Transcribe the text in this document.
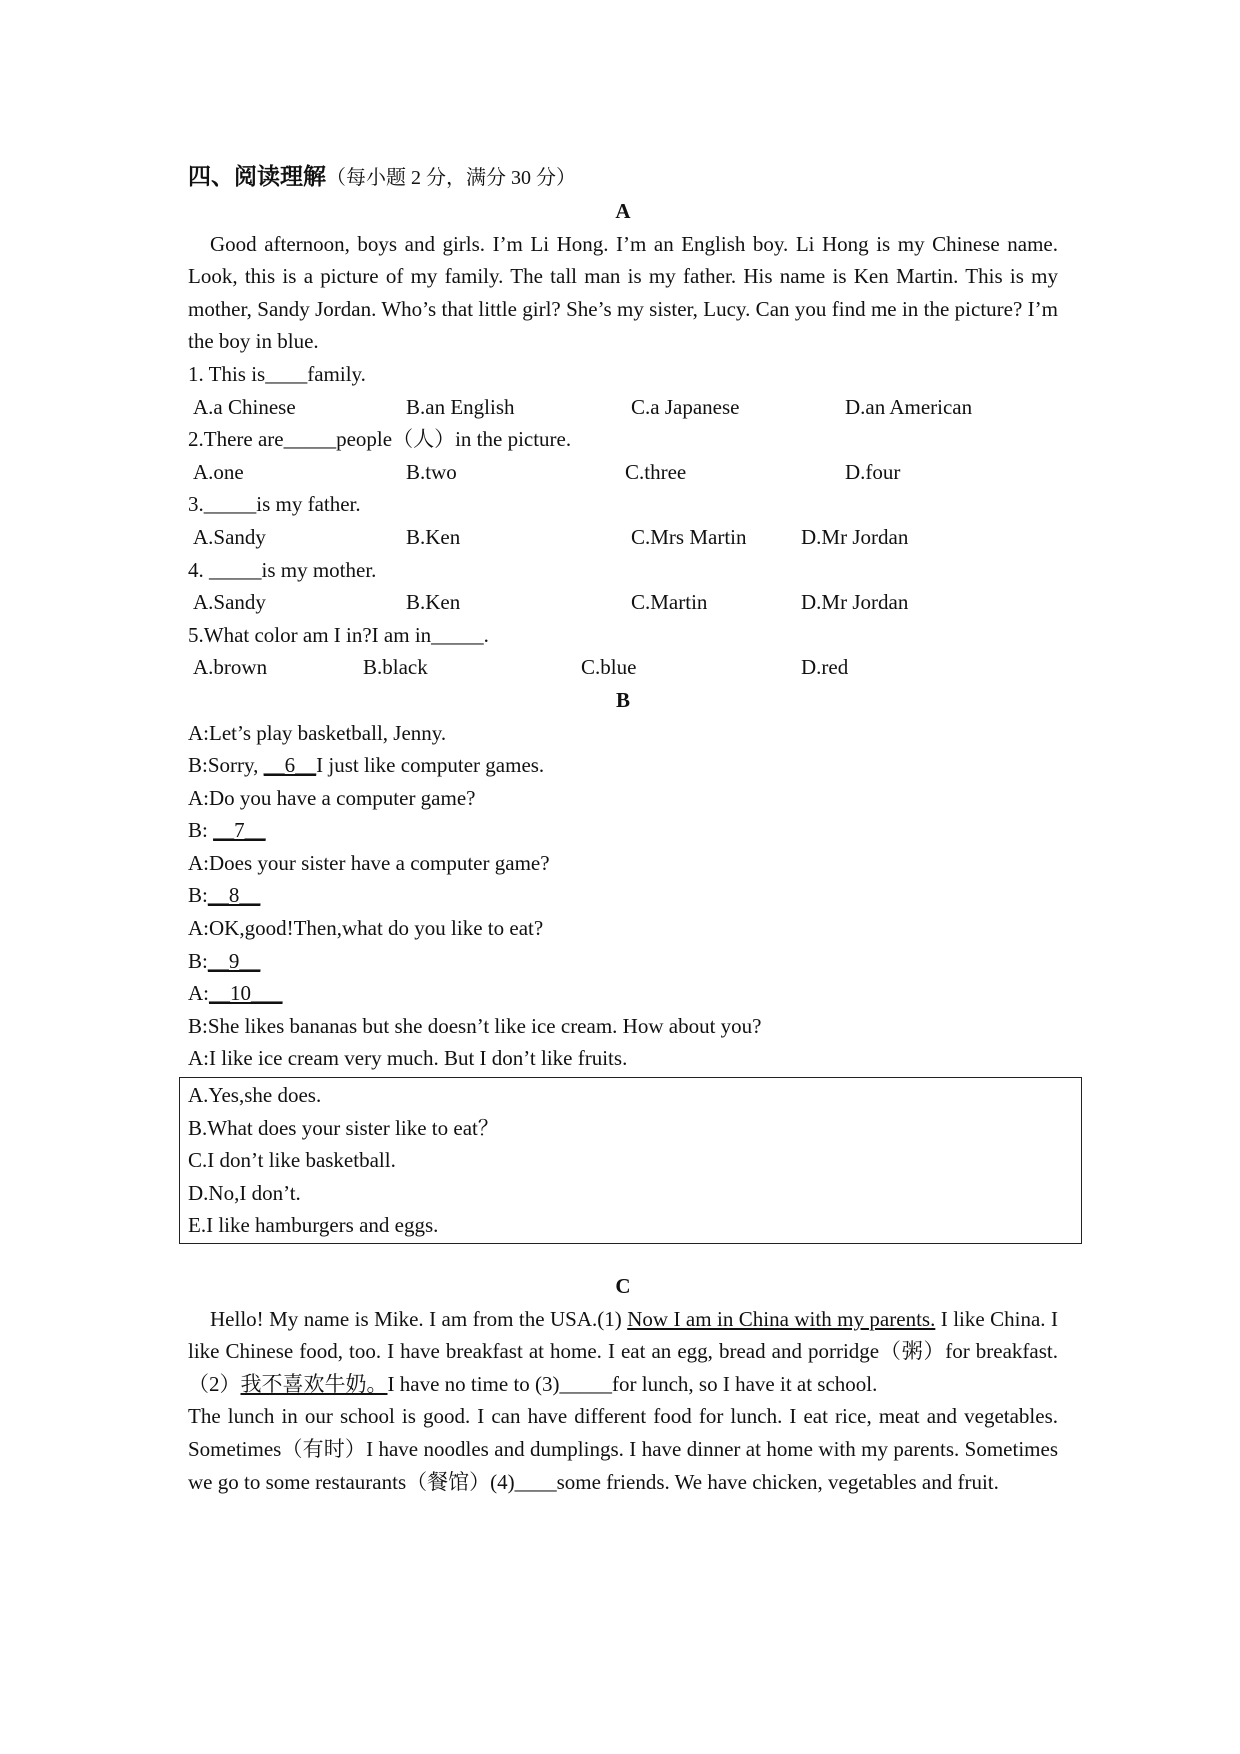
四、阅读理解（每小题 2 分，满分 30 分）
A
Good afternoon, boys and girls. I’m Li Hong. I’m an English boy. Li Hong is my Chinese name. Look, this is a picture of my family. The tall man is my father. His name is Ken Martin. This is my mother, Sandy Jordan. Who’s that little girl? She’s my sister, Lucy. Can you find me in the picture? I’m the boy in blue.
1. This is____family.
A.a Chinese	B.an English	C.a Japanese	D.an American
2.There are_____people（人）in the picture.
A.one	B.two	C.three	D.four
3._____is my father.
A.Sandy	B.Ken	C.Mrs Martin	D.Mr Jordan
4. _____is my mother.
A.Sandy	B.Ken	C.Martin	D.Mr Jordan
5.What color am I in?I am in_____.
A.brown	B.black	C.blue	D.red
B
A:Let’s play basketball, Jenny.
B:Sorry, __6__I just like computer games.
A:Do you have a computer game?
B: __7__
A:Does your sister have a computer game?
B:__8__
A:OK,good!Then,what do you like to eat?
B:__9__
A:__10___
B:She likes bananas but she doesn’t like ice cream. How about you?
A:I like ice cream very much. But I don’t like fruits.
A.Yes,she does.
B.What does your sister like to eat？
C.I don’t like basketball.
D.No,I don’t.
E.I like hamburgers and eggs.
C
Hello! My name is Mike. I am from the USA.(1) Now I am in China with my parents. I like China. I like Chinese food, too. I have breakfast at home. I eat an egg, bread and porridge（粥）for breakfast.（2）我不喜欢牛奶。I have no time to (3)_____for lunch, so I have it at school.
The lunch in our school is good. I can have different food for lunch. I eat rice, meat and vegetables. Sometimes（有时）I have noodles and dumplings. I have dinner at home with my parents. Sometimes we go to some restaurants（餐馆）(4)____some friends. We have chicken, vegetables and fruit.
